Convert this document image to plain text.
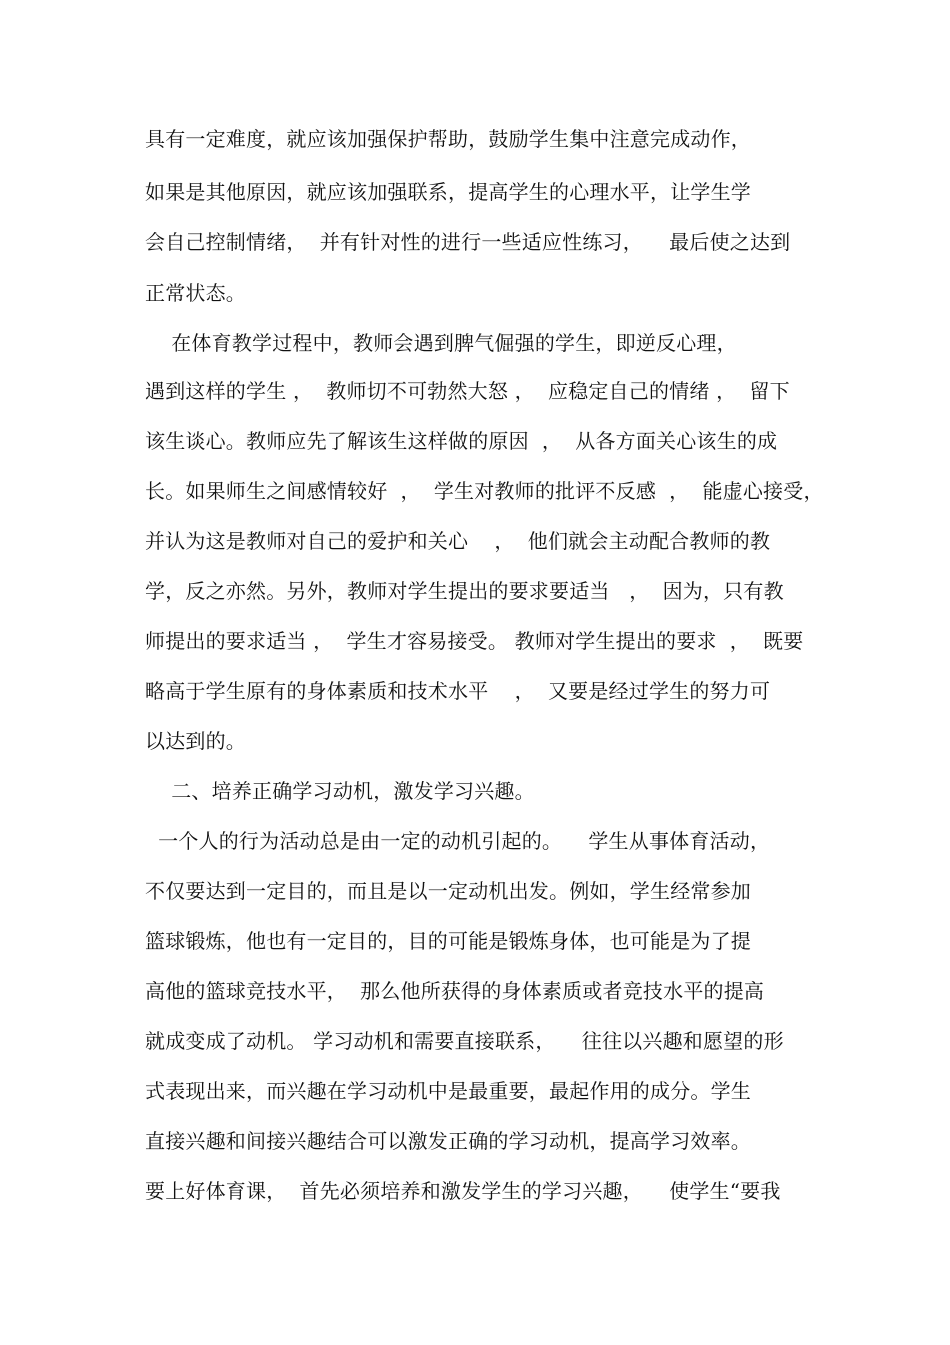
具有一定难度，就应该加强保护帮助，鼓励学生集中注意完成动作，
如果是其他原因，就应该加强联系，提高学生的心理水平，让学生学
会自己控制情绪，  并有针对性的进行一些适应性练习，    最后使之达到
正常状态。
在体育教学过程中，教师会遇到脾气倔强的学生，即逆反心理，
遇到这样的学生 ，  教师切不可勃然大怒 ，  应稳定自己的情绪 ，  留下
该生谈心。教师应先了解该生这样做的原因  ，  从各方面关心该生的成
长。如果师生之间感情较好  ，  学生对教师的批评不反感  ，  能虚心接受，
并认为这是教师对自己的爱护和关心    ，  他们就会主动配合教师的教
学，反之亦然。另外，教师对学生提出的要求要适当   ，  因为，只有教
师提出的要求适当 ，  学生才容易接受。 教师对学生提出的要求  ，  既要
略高于学生原有的身体素质和技术水平    ，  又要是经过学生的努力可
以达到的。
二、培养正确学习动机，激发学习兴趣。
一个人的行为活动总是由一定的动机引起的。    学生从事体育活动，
不仅要达到一定目的，而且是以一定动机出发。例如，学生经常参加
篮球锻炼，他也有一定目的，目的可能是锻炼身体，也可能是为了提
高他的篮球竞技水平，  那么他所获得的身体素质或者竞技水平的提高
就成变成了动机。 学习动机和需要直接联系，    往往以兴趣和愿望的形
式表现出来，而兴趣在学习动机中是最重要，最起作用的成分。学生
直接兴趣和间接兴趣结合可以激发正确的学习动机，提高学习效率。
要上好体育课，  首先必须培养和激发学生的学习兴趣，    使学生“要我
